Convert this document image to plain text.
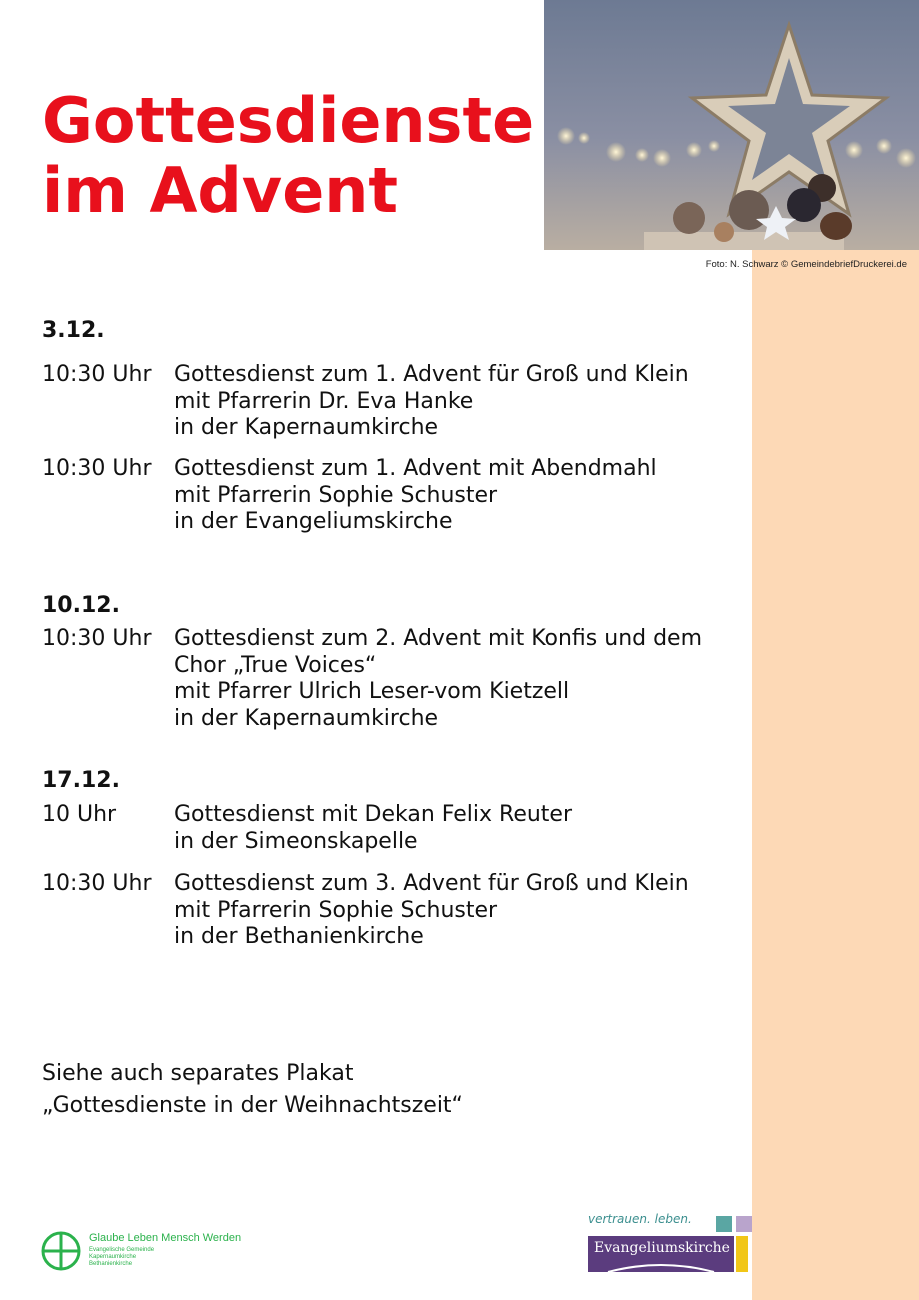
Gottesdienste
im Advent
Foto: N. Schwarz © GemeindebriefDruckerei.de
3.12.
10:30 Uhr	Gottesdienst zum 1. Advent für Groß und Klein
mit Pfarrerin Dr. Eva Hanke
in der Kapernaumkirche
10:30 Uhr	Gottesdienst zum 1. Advent mit Abendmahl
mit Pfarrerin Sophie Schuster
in der Evangeliumskirche
10.12.
10:30 Uhr	Gottesdienst zum 2. Advent mit Konfis und dem
Chor „True Voices“
mit Pfarrer Ulrich Leser-vom Kietzell
in der Kapernaumkirche
17.12.
10 Uhr	Gottesdienst mit Dekan Felix Reuter
in der Simeonskapelle
10:30 Uhr	Gottesdienst zum 3. Advent für Groß und Klein
mit Pfarrerin Sophie Schuster
in der Bethanienkirche
Siehe auch separates Plakat
„Gottesdienste in der Weihnachtszeit“
Glaube Leben Mensch Werden
Evangelische Gemeinde
Kapernaumkirche
Bethanienkirche
vertrauen. leben.
Evangeliumskirche
